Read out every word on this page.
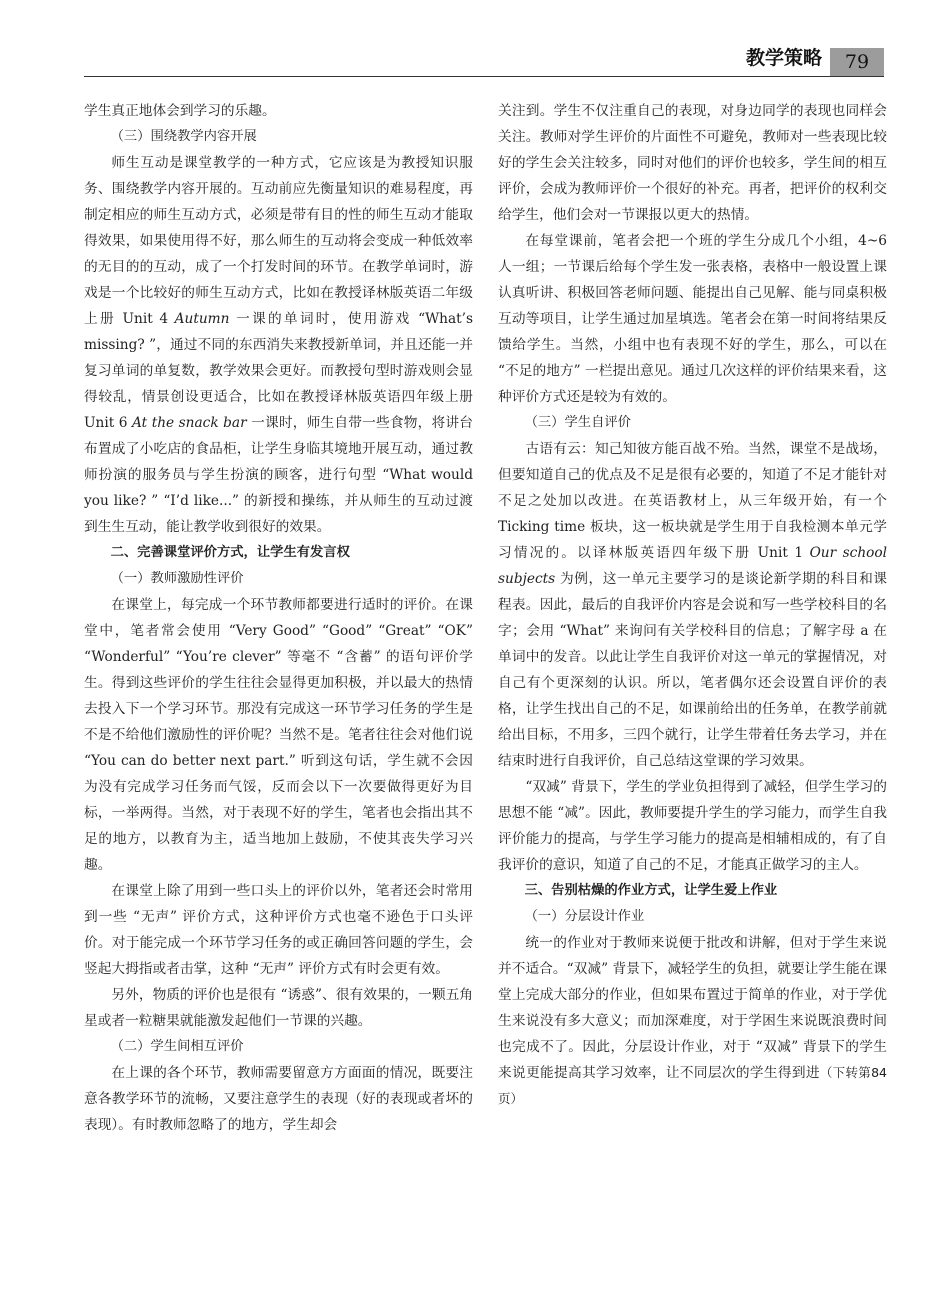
教学策略	79

学生真正地体会到学习的乐趣。

（三）围绕教学内容开展

师生互动是课堂教学的一种方式，它应该是为教授知识服务、围绕教学内容开展的。互动前应先衡量知识的难易程度，再制定相应的师生互动方式，必须是带有目的性的师生互动才能取得效果，如果使用得不好，那么师生的互动将会变成一种低效率的无目的的互动，成了一个打发时间的环节。在教学单词时，游戏是一个比较好的师生互动方式，比如在教授译林版英语二年级上册 Unit 4 Autumn 一课的单词时，使用游戏 “What’s missing? ”，通过不同的东西消失来教授新单词，并且还能一并复习单词的单复数，教学效果会更好。而教授句型时游戏则会显得较乱，情景创设更适合，比如在教授译林版英语四年级上册 Unit 6 At the snack bar 一课时，师生自带一些食物，将讲台布置成了小吃店的食品柜，让学生身临其境地开展互动，通过教师扮演的服务员与学生扮演的顾客，进行句型 “What would you like? ” “I’d like...” 的新授和操练，并从师生的互动过渡到生生互动，能让教学收到很好的效果。

二、完善课堂评价方式，让学生有发言权

（一）教师激励性评价

在课堂上，每完成一个环节教师都要进行适时的评价。在课堂中，笔者常会使用 “Very Good” “Good” “Great” “OK” “Wonderful” “You’re clever” 等毫不 “含蓄” 的语句评价学生。得到这些评价的学生往往会显得更加积极，并以最大的热情去投入下一个学习环节。那没有完成这一环节学习任务的学生是不是不给他们激励性的评价呢？当然不是。笔者往往会对他们说 “You can do better next part.” 听到这句话，学生就不会因为没有完成学习任务而气馁，反而会以下一次要做得更好为目标，一举两得。当然，对于表现不好的学生，笔者也会指出其不足的地方，以教育为主，适当地加上鼓励，不使其丧失学习兴趣。

在课堂上除了用到一些口头上的评价以外，笔者还会时常用到一些 “无声” 评价方式，这种评价方式也毫不逊色于口头评价。对于能完成一个环节学习任务的或正确回答问题的学生，会竖起大拇指或者击掌，这种 “无声” 评价方式有时会更有效。

另外，物质的评价也是很有 “诱惑”、很有效果的，一颗五角星或者一粒糖果就能激发起他们一节课的兴趣。

（二）学生间相互评价

在上课的各个环节，教师需要留意方方面面的情况，既要注意各教学环节的流畅，又要注意学生的表现（好的表现或者坏的表现）。有时教师忽略了的地方，学生却会

关注到。学生不仅注重自己的表现，对身边同学的表现也同样会关注。教师对学生评价的片面性不可避免，教师对一些表现比较好的学生会关注较多，同时对他们的评价也较多，学生间的相互评价，会成为教师评价一个很好的补充。再者，把评价的权利交给学生，他们会对一节课报以更大的热情。

在每堂课前，笔者会把一个班的学生分成几个小组，4~6 人一组；一节课后给每个学生发一张表格，表格中一般设置上课认真听讲、积极回答老师问题、能提出自己见解、能与同桌积极互动等项目，让学生通过加星填选。笔者会在第一时间将结果反馈给学生。当然，小组中也有表现不好的学生，那么，可以在 “不足的地方” 一栏提出意见。通过几次这样的评价结果来看，这种评价方式还是较为有效的。

（三）学生自评价

古语有云：知己知彼方能百战不殆。当然，课堂不是战场，但要知道自己的优点及不足是很有必要的，知道了不足才能针对不足之处加以改进。在英语教材上，从三年级开始，有一个 Ticking time 板块，这一板块就是学生用于自我检测本单元学习情况的。以译林版英语四年级下册 Unit 1 Our school subjects 为例，这一单元主要学习的是谈论新学期的科目和课程表。因此，最后的自我评价内容是会说和写一些学校科目的名字；会用 “What” 来询问有关学校科目的信息；了解字母 a 在单词中的发音。以此让学生自我评价对这一单元的掌握情况，对自己有个更深刻的认识。所以，笔者偶尔还会设置自评价的表格，让学生找出自己的不足，如课前给出的任务单，在教学前就给出目标，不用多，三四个就行，让学生带着任务去学习，并在结束时进行自我评价，自己总结这堂课的学习效果。

“双减” 背景下，学生的学业负担得到了减轻，但学生学习的思想不能 “减”。因此，教师要提升学生的学习能力，而学生自我评价能力的提高，与学生学习能力的提高是相辅相成的，有了自我评价的意识，知道了自己的不足，才能真正做学习的主人。

三、告别枯燥的作业方式，让学生爱上作业

（一）分层设计作业

统一的作业对于教师来说便于批改和讲解，但对于学生来说并不适合。“双减” 背景下，减轻学生的负担，就要让学生能在课堂上完成大部分的作业，但如果布置过于简单的作业，对于学优生来说没有多大意义；而加深难度，对于学困生来说既浪费时间也完成不了。因此，分层设计作业，对于 “双减” 背景下的学生来说更能提高其学习效率，让不同层次的学生得到进（下转第84页）
